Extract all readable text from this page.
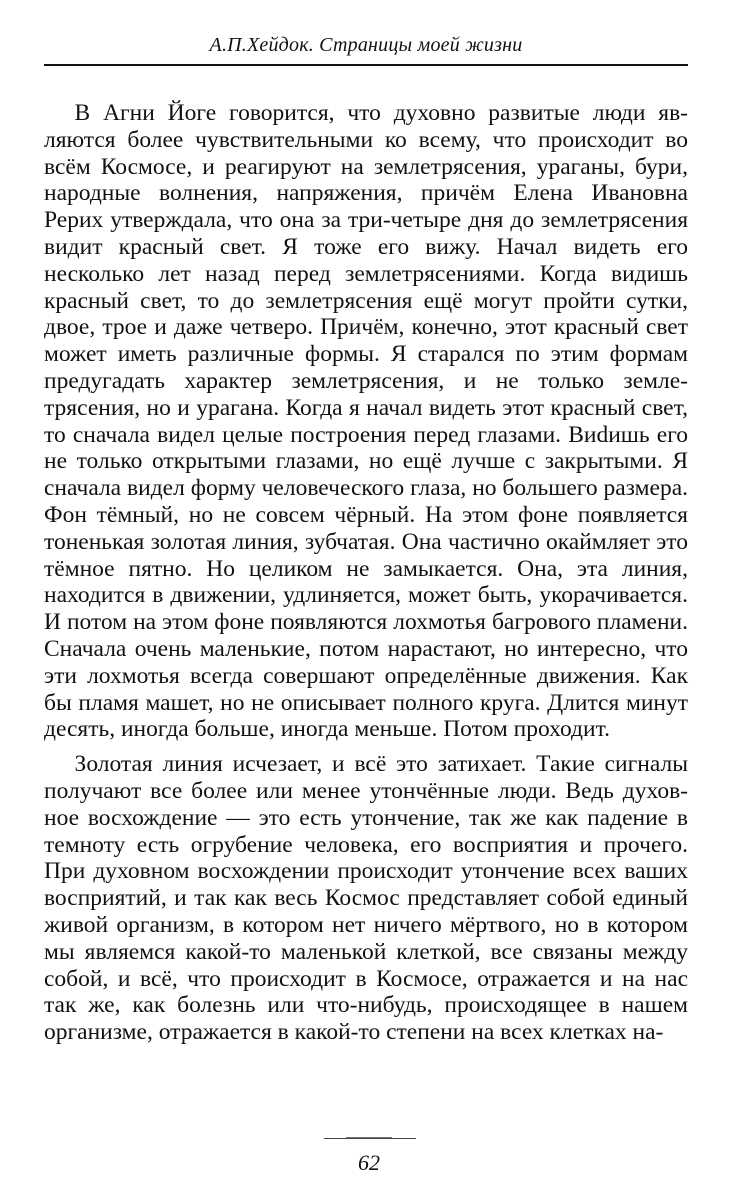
А.П.Хейдок. Страницы моей жизни

В Агни Йоге говорится, что духовно развитые люди являются более чувствительными ко всему, что происходит во всём Космосе, и реагируют на землетрясения, ураганы, бури, народные волнения, напряжения, причём Елена Ивановна Рерих утверждала, что она за три-четыре дня до землетрясения видит красный свет. Я тоже его вижу. Начал видеть его несколько лет назад перед землетрясениями. Когда видишь красный свет, то до землетрясения ещё могут пройти сутки, двое, трое и даже четверо. Причём, конечно, этот красный свет может иметь различные формы. Я старался по этим формам предугадать характер землетрясения, и не только землетрясения, но и урагана. Когда я начал видеть этот красный свет, то сначала видел целые построения перед глазами. Виdишь его не только открытыми глазами, но ещё лучше с закрытыми. Я сначала видел форму человеческого глаза, но большего размера. Фон тёмный, но не совсем чёрный. На этом фоне появляется тоненькая золотая линия, зубчатая. Она частично окаймляет это тёмное пятно. Но целиком не замыкается. Она, эта линия, находится в движении, удлиняется, может быть, укорачивается. И потом на этом фоне появляются лохмотья багрового пламени. Сначала очень маленькие, потом нарастают, но интересно, что эти лохмотья всегда совершают определённые движения. Как бы пламя машет, но не описывает полного круга. Длится минут десять, иногда больше, иногда меньше. Потом проходит.

Золотая линия исчезает, и всё это затихает. Такие сигналы получают все более или менее утончённые люди. Ведь духовное восхождение — это есть утончение, так же как падение в темноту есть огрубение человека, его восприятия и прочего. При духовном восхождении происходит утончение всех ваших восприятий, и так как весь Космос представляет собой единый живой организм, в котором нет ничего мёртвого, но в котором мы являемся какой-то маленькой клеткой, все связаны между собой, и всё, что происходит в Космосе, отражается и на нас так же, как болезнь или что-нибудь, происходящее в нашем организме, отражается в какой-то степени на всех клетках на-

62
